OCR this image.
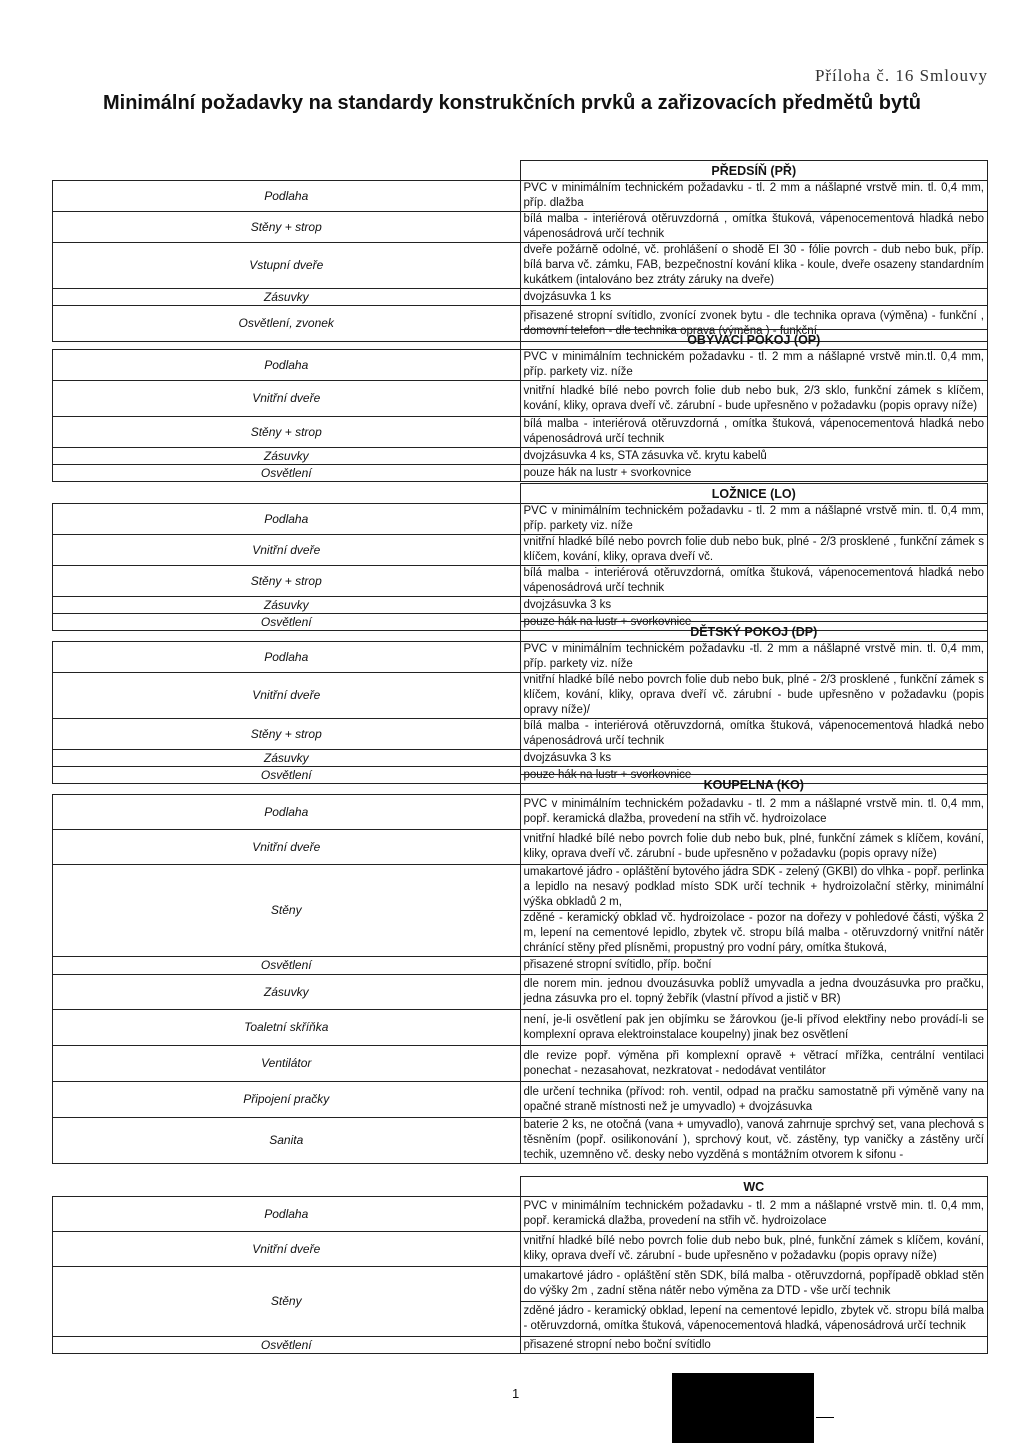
Příloha č. 16 Smlouvy
Minimální požadavky na standardy konstrukčních prvků a zařizovacích předmětů bytů
	PŘEDSÍŇ (PŘ)
Podlaha	PVC v minimálním technickém požadavku - tl. 2 mm a nášlapné vrstvě min. tl. 0,4 mm, příp. dlažba
Stěny + strop	bílá malba - interiérová otěruvzdorná , omítka štuková, vápenocementová hladká nebo vápenosádrová určí technik
Vstupní dveře	dveře požárně odolné, vč. prohlášení o shodě EI 30 - fólie povrch - dub nebo buk, příp. bílá barva vč. zámku, FAB, bezpečnostní kování klika - koule, dveře osazeny standardním kukátkem (intalováno bez ztráty záruky na dveře)
Zásuvky	dvojzásuvka 1 ks
Osvětlení, zvonek	přisazené stropní svítidlo, zvonící zvonek bytu - dle technika oprava (výměna) - funkční , domovní telefon - dle technika oprava (výměna ) - funkční
	OBÝVACÍ POKOJ (OP)
Podlaha	PVC v minimálním technickém požadavku - tl. 2 mm a nášlapné vrstvě min.tl. 0,4 mm, příp. parkety viz. níže
Vnitřní dveře	vnitřní hladké bílé nebo povrch folie dub nebo buk, 2/3 sklo, funkční zámek s klíčem, kování, kliky, oprava dveří vč. zárubní - bude upřesněno v požadavku (popis opravy níže)
Stěny + strop	bílá malba - interiérová otěruvzdorná , omítka štuková, vápenocementová hladká nebo vápenosádrová určí technik
Zásuvky	dvojzásuvka 4 ks, STA zásuvka vč. krytu kabelů
Osvětlení	pouze hák na lustr + svorkovnice
	LOŽNICE (LO)
Podlaha	PVC v minimálním technickém požadavku - tl. 2 mm a nášlapné vrstvě min. tl. 0,4 mm, příp. parkety viz. níže
Vnitřní dveře	vnitřní hladké bílé nebo povrch folie dub nebo buk, plné - 2/3 prosklené , funkční zámek s klíčem, kování, kliky, oprava dveří vč.
Stěny + strop	bílá malba - interiérová otěruvzdorná, omítka štuková, vápenocementová hladká nebo vápenosádrová určí technik
Zásuvky	dvojzásuvka 3 ks
Osvětlení	pouze hák na lustr + svorkovnice
	DĚTSKÝ POKOJ (DP)
Podlaha	PVC v minimálním technickém požadavku -tl. 2 mm a nášlapné vrstvě min. tl. 0,4 mm, příp. parkety viz. níže
Vnitřní dveře	vnitřní hladké bílé nebo povrch folie dub nebo buk, plné - 2/3 prosklené , funkční zámek s klíčem, kování, kliky, oprava dveří vč. zárubní - bude upřesněno v požadavku (popis opravy níže)/
Stěny + strop	bílá malba - interiérová otěruvzdorná, omítka štuková, vápenocementová hladká nebo vápenosádrová určí technik
Zásuvky	dvojzásuvka 3 ks
Osvětlení	pouze hák na lustr + svorkovnice
	KOUPELNA (KO)
Podlaha	PVC v minimálním technickém požadavku - tl. 2 mm a nášlapné vrstvě min. tl. 0,4 mm, popř. keramická dlažba, provedení na střih vč. hydroizolace
Vnitřní dveře	vnitřní hladké bílé nebo povrch folie dub nebo buk, plné, funkční zámek s klíčem, kování, kliky, oprava dveří vč. zárubní - bude upřesněno v požadavku (popis opravy níže)
Stěny	umakartové jádro - opláštění bytového jádra SDK - zelený (GKBI) do vlhka - popř. perlinka a lepidlo na nesavý podklad místo SDK určí technik + hydroizolační stěrky, minimální výška obkladů 2 m,
	zděné - keramický obklad vč. hydroizolace - pozor na dořezy v pohledové části, výška 2 m, lepení na cementové lepidlo, zbytek vč. stropu bílá malba - otěruvzdorný vnitřní nátěr chránící stěny před plísněmi, propustný pro vodní páry, omítka štuková,
Osvětlení	přisazené stropní svítidlo, příp. boční
Zásuvky	dle norem min. jednou dvouzásuvka poblíž umyvadla a jedna dvouzásuvka pro pračku, jedna zásuvka pro el. topný žebřík (vlastní přívod a jistič v BR)
Toaletní skříňka	není, je-li osvětlení pak jen objímku se žárovkou (je-li přívod elektřiny nebo provádí-li se komplexní oprava elektroinstalace koupelny) jinak bez osvětlení
Ventilátor	dle revize popř. výměna při komplexní opravě + větrací mřížka, centrální ventilaci ponechat - nezasahovat, nezkratovat - nedodávat ventilátor
Připojení pračky	dle určení technika (přívod: roh. ventil, odpad na pračku samostatně při výměně vany na opačné straně místnosti než je umyvadlo) + dvojzásuvka
Sanita	baterie 2 ks, ne otočná (vana + umyvadlo), vanová zahrnuje sprchvý set, vana plechová s těsněním (popř. osilikonování ), sprchový kout, vč. zástěny, typ vaničky a zástěny určí techik, uzemněno vč. desky nebo vyzděná s montážním otvorem k sifonu -
	WC
Podlaha	PVC v minimálním technickém požadavku - tl. 2 mm a nášlapné vrstvě min. tl. 0,4 mm, popř. keramická dlažba, provedení na střih vč. hydroizolace
Vnitřní dveře	vnitřní hladké bílé nebo povrch folie dub nebo buk, plné, funkční zámek s klíčem, kování, kliky, oprava dveří vč. zárubní - bude upřesněno v požadavku (popis opravy níže)
Stěny	umakartové jádro - opláštění stěn SDK, bílá malba - otěruvzdorná, popřípadě obklad stěn do výšky 2m , zadní stěna nátěr nebo výměna za DTD - vše určí technik
	zděné jádro - keramický obklad, lepení na cementové lepidlo, zbytek vč. stropu bílá malba - otěruvzdorná, omítka štuková, vápenocementová hladká, vápenosádrová určí technik
Osvětlení	přisazené stropní nebo boční svítidlo
1
